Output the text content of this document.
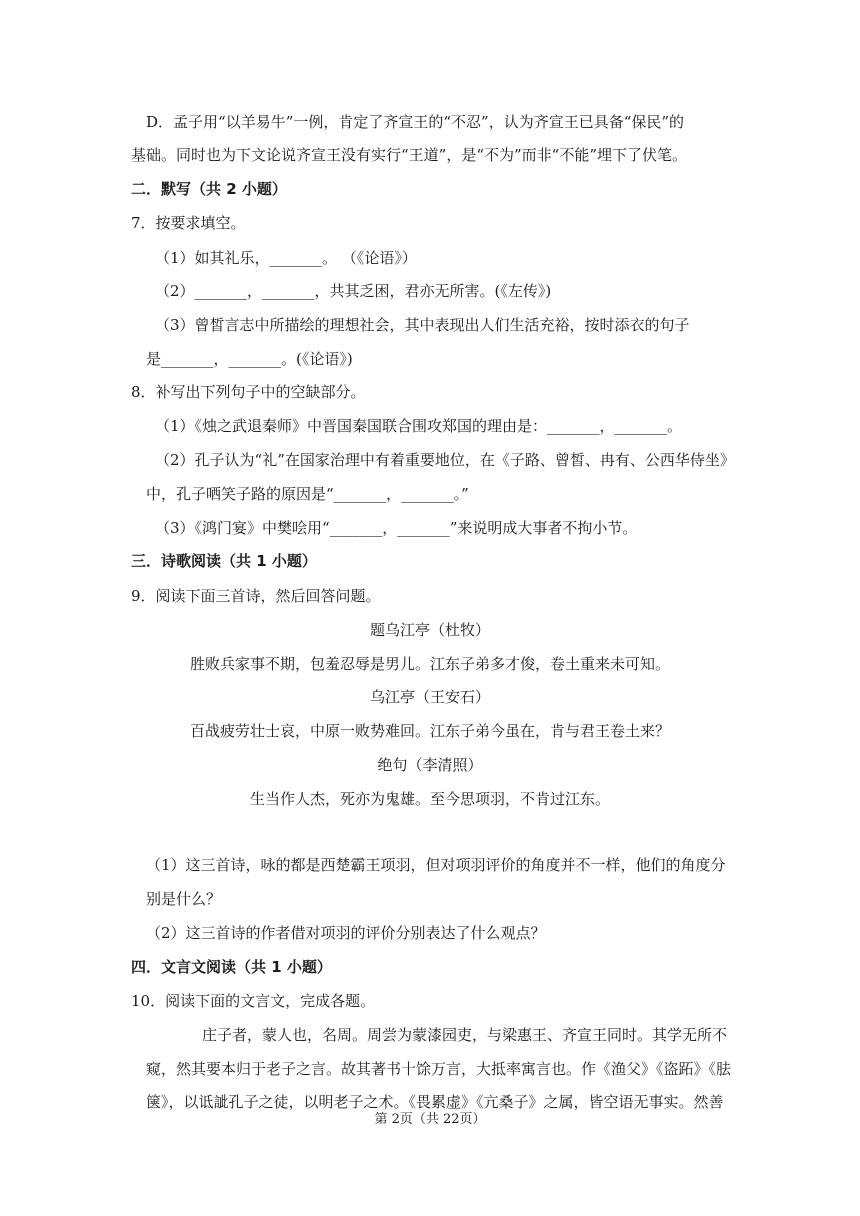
D．孟子用“以羊易牛”一例，肯定了齐宣王的“不忍”，认为齐宣王已具备“保民”的
基础。同时也为下文论说齐宣王没有实行“王道”，是“不为”而非“不能”埋下了伏笔。
二．默写（共 2 小题）
7．按要求填空。
（1）如其礼乐，_______。 （《论语》）
（2）_______，_______，共其乏困，君亦无所害。(《左传》)
（3）曾皙言志中所描绘的理想社会，其中表现出人们生活充裕，按时添衣的句子
是_______，_______。(《论语》)
8．补写出下列句子中的空缺部分。
（1）《烛之武退秦师》中晋国秦国联合围攻郑国的理由是：_______，_______。
（2）孔子认为“礼”在国家治理中有着重要地位，在《子路、曾皙、冉有、公西华侍坐》
中，孔子哂笑子路的原因是“_______，_______。”
（3）《鸿门宴》中樊哙用“_______，_______”来说明成大事者不拘小节。
三．诗歌阅读（共 1 小题）
9．阅读下面三首诗，然后回答问题。
题乌江亭（杜牧）
胜败兵家事不期，包羞忍辱是男儿。江东子弟多才俊，卷土重来未可知。
乌江亭（王安石）
百战疲劳壮士哀，中原一败势难回。江东子弟今虽在，肯与君王卷土来？
绝句（李清照）
生当作人杰，死亦为鬼雄。至今思项羽，不肯过江东。
（1）这三首诗，咏的都是西楚霸王项羽，但对项羽评价的角度并不一样，他们的角度分
别是什么？
（2）这三首诗的作者借对项羽的评价分别表达了什么观点？
四．文言文阅读（共 1 小题）
10．阅读下面的文言文，完成各题。
庄子者，蒙人也，名周。周尝为蒙漆园吏，与梁惠王、齐宣王同时。其学无所不
窥，然其要本归于老子之言。故其著书十馀万言，大抵率寓言也。作《渔父》《盗跖》《胠
箧》，以诋訿孔子之徒，以明老子之术。《畏累虚》《亢桑子》之属，皆空语无事实。然善
第 2页（共 22页）
